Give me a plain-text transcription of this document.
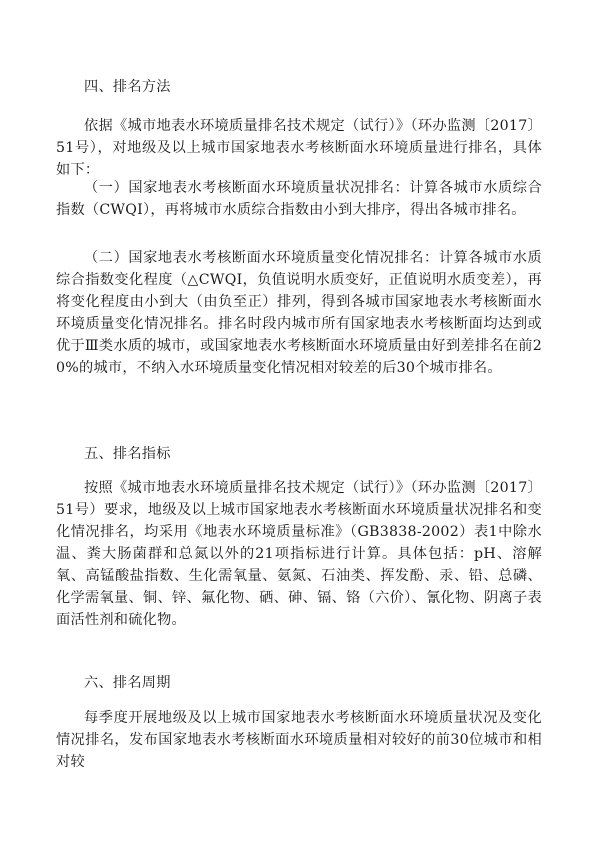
四、排名方法
依据《城市地表水环境质量排名技术规定（试行）》（环办监测〔2017〕51号），对地级及以上城市国家地表水考核断面水环境质量进行排名，具体如下：
（一）国家地表水考核断面水环境质量状况排名：计算各城市水质综合指数（CWQI），再将城市水质综合指数由小到大排序，得出各城市排名。
（二）国家地表水考核断面水环境质量变化情况排名：计算各城市水质综合指数变化程度（△CWQI，负值说明水质变好，正值说明水质变差），再将变化程度由小到大（由负至正）排列，得到各城市国家地表水考核断面水环境质量变化情况排名。排名时段内城市所有国家地表水考核断面均达到或优于Ⅲ类水质的城市，或国家地表水考核断面水环境质量由好到差排名在前20%的城市，不纳入水环境质量变化情况相对较差的后30个城市排名。
五、排名指标
按照《城市地表水环境质量排名技术规定（试行）》（环办监测〔2017〕51号）要求，地级及以上城市国家地表水考核断面水环境质量状况排名和变化情况排名，均采用《地表水环境质量标准》（GB3838-2002）表1中除水温、粪大肠菌群和总氮以外的21项指标进行计算。具体包括：pH、溶解氧、高锰酸盐指数、生化需氧量、氨氮、石油类、挥发酚、汞、铅、总磷、化学需氧量、铜、锌、氟化物、硒、砷、镉、铬（六价）、氰化物、阴离子表面活性剂和硫化物。
六、排名周期
每季度开展地级及以上城市国家地表水考核断面水环境质量状况及变化情况排名，发布国家地表水考核断面水环境质量相对较好的前30位城市和相对较
